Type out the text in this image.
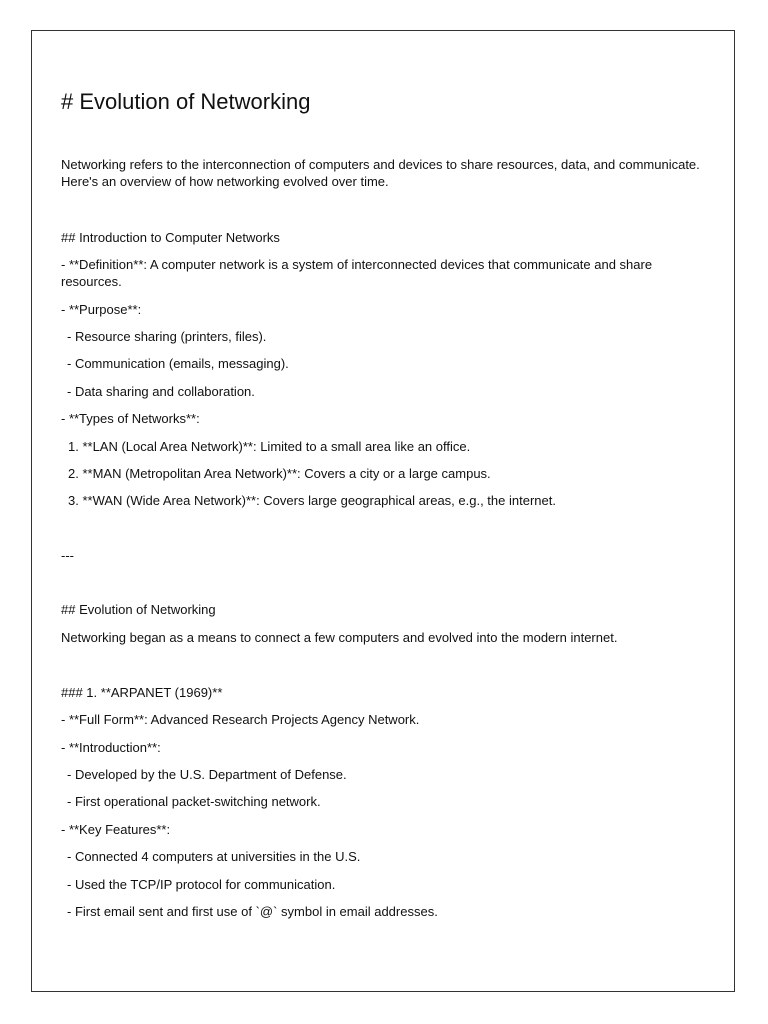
# Evolution of Networking
Networking refers to the interconnection of computers and devices to share resources, data, and communicate. Here's an overview of how networking evolved over time.
## Introduction to Computer Networks
- **Definition**: A computer network is a system of interconnected devices that communicate and share resources.
- **Purpose**:
- Resource sharing (printers, files).
- Communication (emails, messaging).
- Data sharing and collaboration.
- **Types of Networks**:
1. **LAN (Local Area Network)**: Limited to a small area like an office.
2. **MAN (Metropolitan Area Network)**: Covers a city or a large campus.
3. **WAN (Wide Area Network)**: Covers large geographical areas, e.g., the internet.
---
## Evolution of Networking
Networking began as a means to connect a few computers and evolved into the modern internet.
### 1. **ARPANET (1969)**
- **Full Form**: Advanced Research Projects Agency Network.
- **Introduction**:
- Developed by the U.S. Department of Defense.
- First operational packet-switching network.
- **Key Features**:
- Connected 4 computers at universities in the U.S.
- Used the TCP/IP protocol for communication.
- First email sent and first use of `@` symbol in email addresses.
